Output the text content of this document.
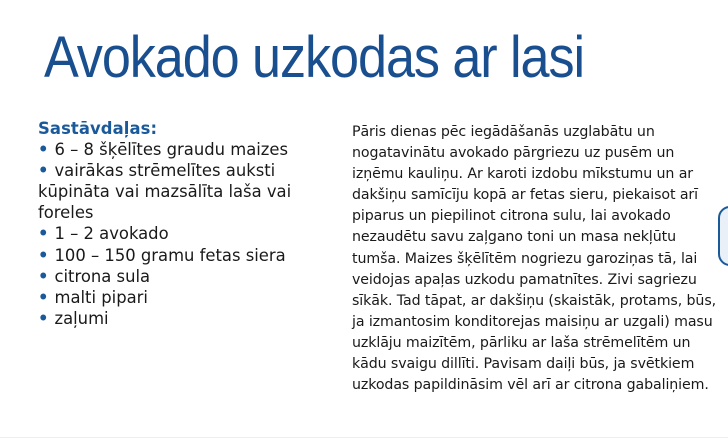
Avokado uzkodas ar lasi

Sastāvdaļas:

• 6 – 8 šķēlītes graudu maizes
• vairākas strēmelītes auksti kūpināta vai mazsālīta laša vai foreles
• 1 – 2 avokado
• 100 – 150 gramu fetas siera
• citrona sula
• malti pipari
• zaļumi

Pāris dienas pēc iegādāšanās uzglabātu un
nogatavinātu avokado pārgriezu uz pusēm un
izņēmu kauliņu. Ar karoti izdobu mīkstumu un ar
dakšiņu samīcīju kopā ar fetas sieru, piekaisot arī
piparus un piepilinot citrona sulu, lai avokado
nezaudētu savu zaļgano toni un masa nekļūtu
tumša. Maizes šķēlītēm nogriezu garoziņas tā, lai
veidojas apaļas uzkodu pamatnītes. Zivi sagriezu
sīkāk. Tad tāpat, ar dakšiņu (skaistāk, protams, būs,
ja izmantosim konditorejas maisiņu ar uzgali) masu
uzklāju maizītēm, pārliku ar laša strēmelītēm un
kādu svaigu dillīti. Pavisam daiļi būs, ja svētkiem
uzkodas papildināsim vēl arī ar citrona gabaliņiem.
